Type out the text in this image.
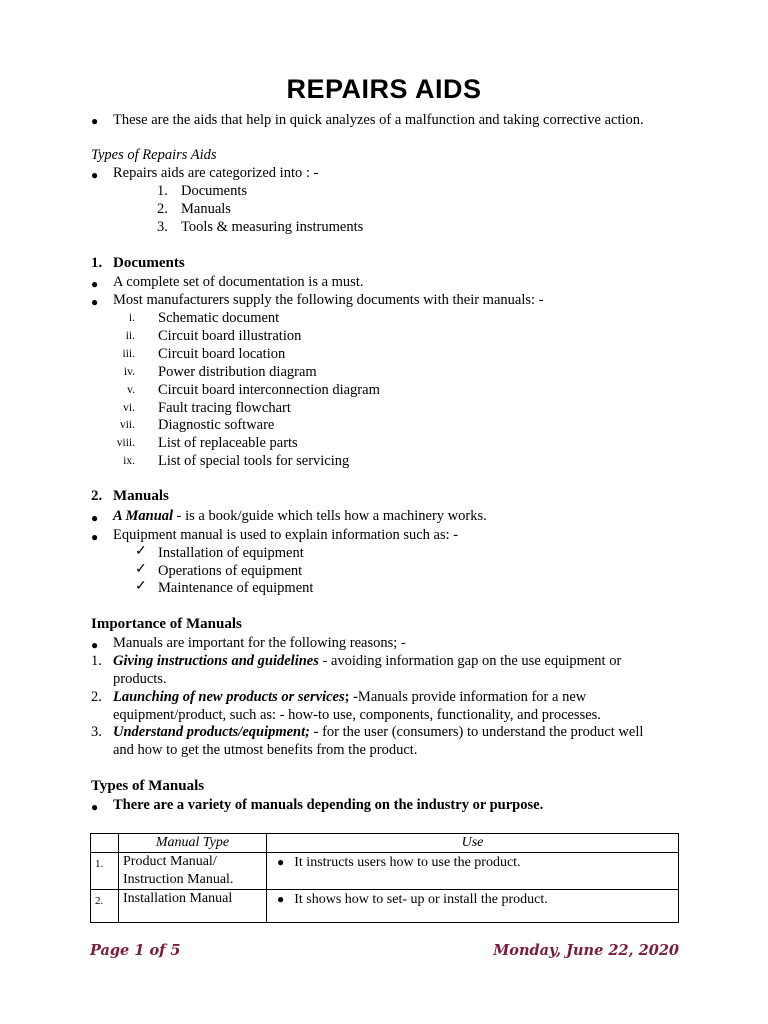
REPAIRS AIDS
● These are the aids that help in quick analyzes of a malfunction and taking corrective action.
Types of Repairs Aids
● Repairs aids are categorized into : -
1. Documents
2. Manuals
3. Tools & measuring instruments
1. Documents
● A complete set of documentation is a must.
● Most manufacturers supply the following documents with their manuals: -
i. Schematic document
ii. Circuit board illustration
iii. Circuit board location
iv. Power distribution diagram
v. Circuit board interconnection diagram
vi. Fault tracing flowchart
vii. Diagnostic software
viii. List of replaceable parts
ix. List of special tools for servicing
2. Manuals
● A Manual - is a book/guide which tells how a machinery works.
● Equipment manual is used to explain information such as: -
✓ Installation of equipment
✓ Operations of equipment
✓ Maintenance of equipment
Importance of Manuals
● Manuals are important for the following reasons; -
1. Giving instructions and guidelines - avoiding information gap on the use equipment or
products.
2. Launching of new products or services; -Manuals provide information for a new
equipment/product, such as: - how-to use, components, functionality, and processes.
3. Understand products/equipment; - for the user (consumers) to understand the product well
and how to get the utmost benefits from the product.
Types of Manuals
● There are a variety of manuals depending on the industry or purpose.
	Manual Type	Use
1.	Product Manual/
Instruction Manual.	● It instructs users how to use the product.
2.	Installation Manual	● It shows how to set- up or install the product.
Page 1 of 5	Monday, June 22, 2020
